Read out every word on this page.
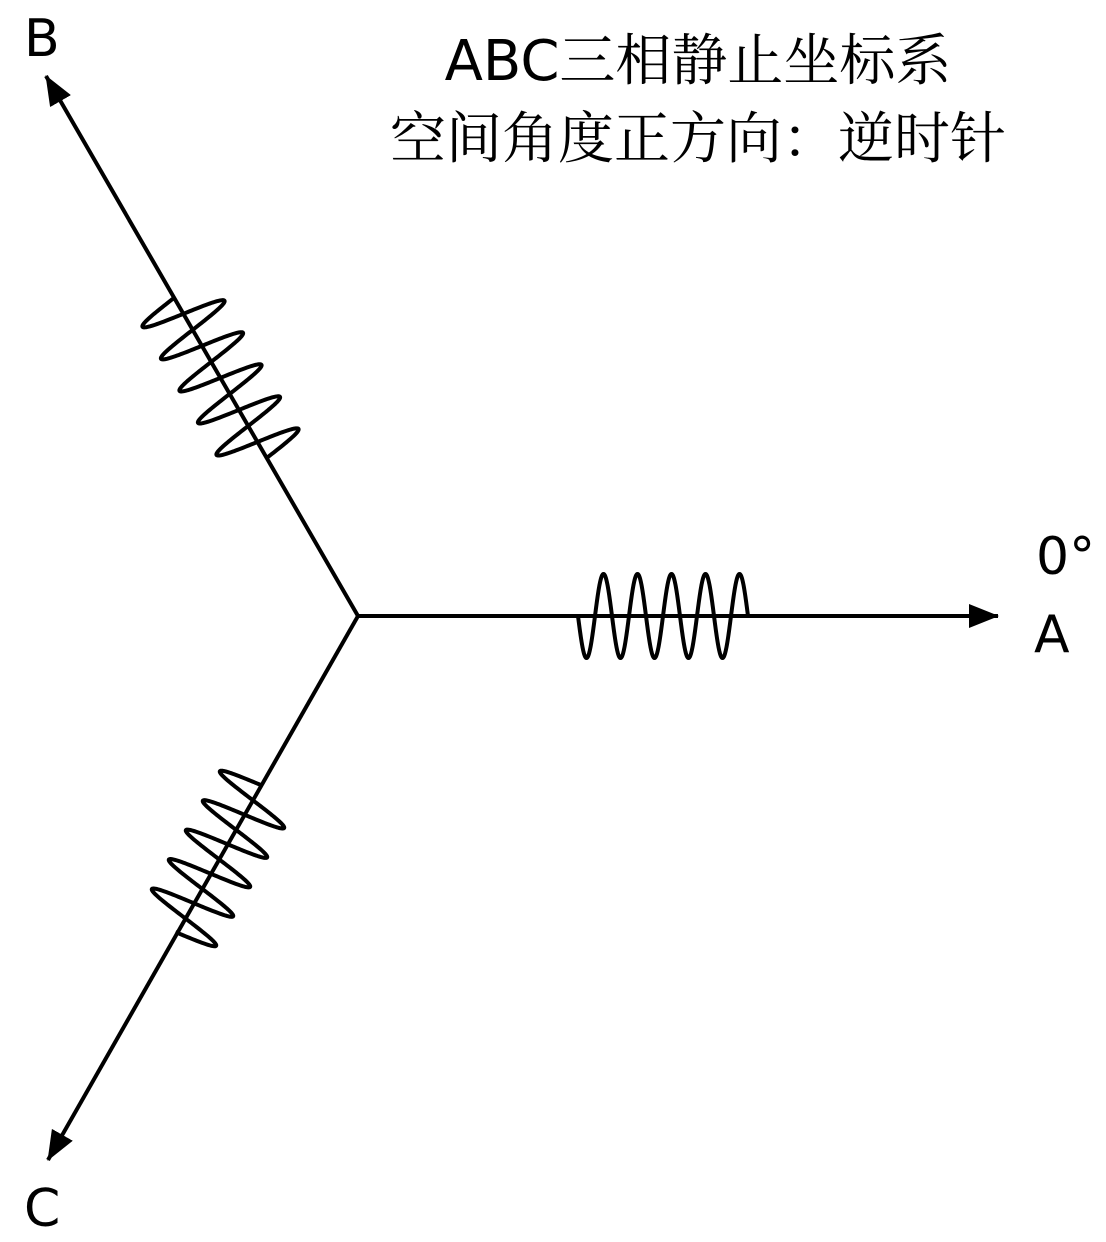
ABC三相静止坐标系
空间角度正方向：逆时针
0°
A
B
C
